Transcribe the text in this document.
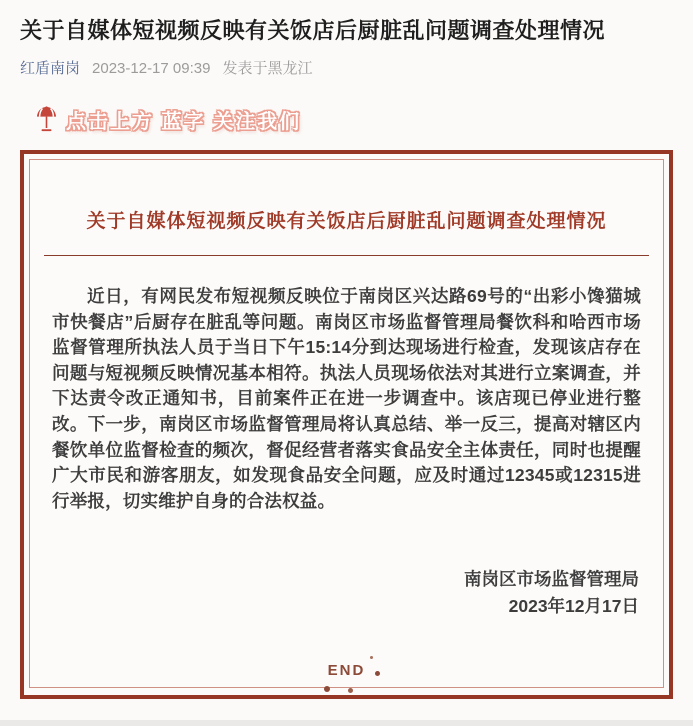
关于自媒体短视频反映有关饭店后厨脏乱问题调查处理情况
红盾南岗 2023-12-17 09:39 发表于黑龙江
点击上方 蓝字 关注我们
关于自媒体短视频反映有关饭店后厨脏乱问题调查处理情况

近日，有网民发布短视频反映位于南岗区兴达路69号的“出彩小馋猫城市快餐店”后厨存在脏乱等问题。南岗区市场监督管理局餐饮科和哈西市场监督管理所执法人员于当日下午15:14分到达现场进行检查，发现该店存在问题与短视频反映情况基本相符。执法人员现场依法对其进行立案调查，并下达责令改正通知书，目前案件正在进一步调查中。该店现已停业进行整改。下一步，南岗区市场监督管理局将认真总结、举一反三，提高对辖区内餐饮单位监督检查的频次，督促经营者落实食品安全主体责任，同时也提醒广大市民和游客朋友，如发现食品安全问题，应及时通过12345或12315进行举报，切实维护自身的合法权益。

南岗区市场监督管理局
2023年12月17日
END
